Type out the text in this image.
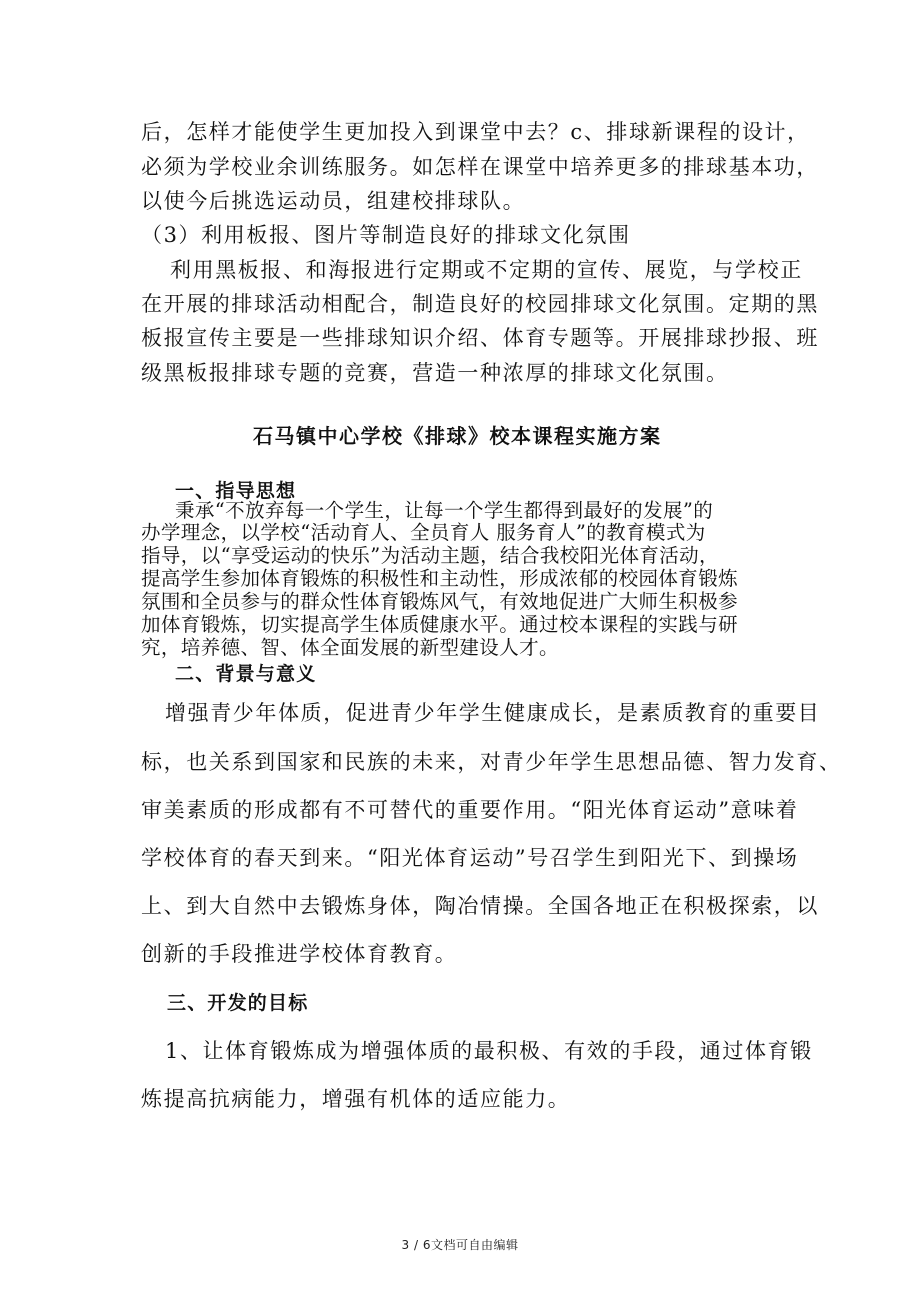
后，怎样才能使学生更加投入到课堂中去？c、排球新课程的设计，
必须为学校业余训练服务。如怎样在课堂中培养更多的排球基本功，
以使今后挑选运动员，组建校排球队。
（3）利用板报、图片等制造良好的排球文化氛围
利用黑板报、和海报进行定期或不定期的宣传、展览，与学校正
在开展的排球活动相配合，制造良好的校园排球文化氛围。定期的黑
板报宣传主要是一些排球知识介绍、体育专题等。开展排球抄报、班
级黑板报排球专题的竞赛，营造一种浓厚的排球文化氛围。
石马镇中心学校《排球》校本课程实施方案
一、指导思想
秉承“不放弃每一个学生，让每一个学生都得到最好的发展”的
办学理念，以学校“活动育人、全员育人 服务育人”的教育模式为
指导，以“享受运动的快乐”为活动主题，结合我校阳光体育活动，
提高学生参加体育锻炼的积极性和主动性，形成浓郁的校园体育锻炼
氛围和全员参与的群众性体育锻炼风气，有效地促进广大师生积极参
加体育锻炼，切实提高学生体质健康水平。通过校本课程的实践与研
究，培养德、智、体全面发展的新型建设人才。
二、背景与意义
增强青少年体质，促进青少年学生健康成长，是素质教育的重要目
标，也关系到国家和民族的未来，对青少年学生思想品德、智力发育、
审美素质的形成都有不可替代的重要作用。“阳光体育运动”意味着
学校体育的春天到来。“阳光体育运动”号召学生到阳光下、到操场
上、到大自然中去锻炼身体，陶冶情操。全国各地正在积极探索，以
创新的手段推进学校体育教育。
三、开发的目标
1、让体育锻炼成为增强体质的最积极、有效的手段，通过体育锻
炼提高抗病能力，增强有机体的适应能力。
3 / 6文档可自由编辑
